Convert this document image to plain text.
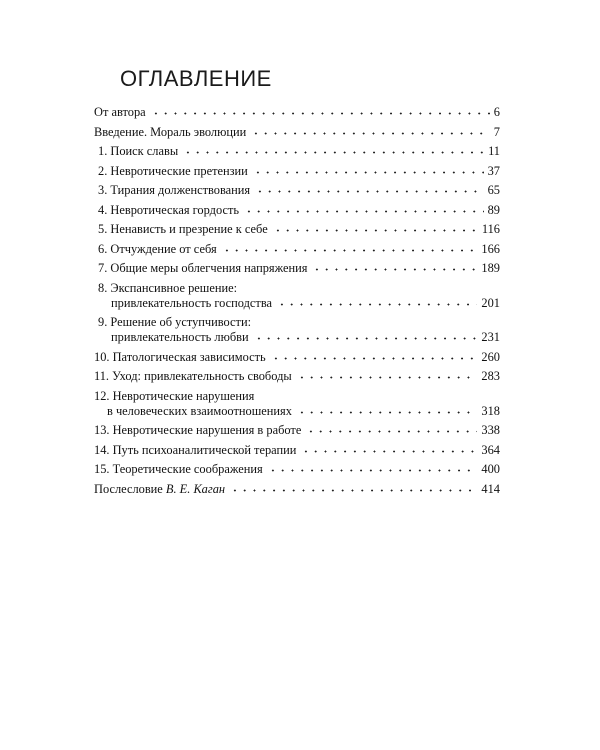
ОГЛАВЛЕНИЕ
От автора	6
Введение. Мораль эволюции	7
1. Поиск славы	11
2. Невротические претензии	37
3. Тирания долженствования	65
4. Невротическая гордость	89
5. Ненависть и презрение к себе	116
6. Отчуждение от себя	166
7. Общие меры облегчения напряжения	189
8. Экспансивное решение:
привлекательность господства	201
9. Решение об уступчивости:
привлекательность любви	231
10. Патологическая зависимость	260
11. Уход: привлекательность свободы	283
12. Невротические нарушения
в человеческих взаимоотношениях	318
13. Невротические нарушения в работе	338
14. Путь психоаналитической терапии	364
15. Теоретические соображения	400
Послесловие В. Е. Каган	414
